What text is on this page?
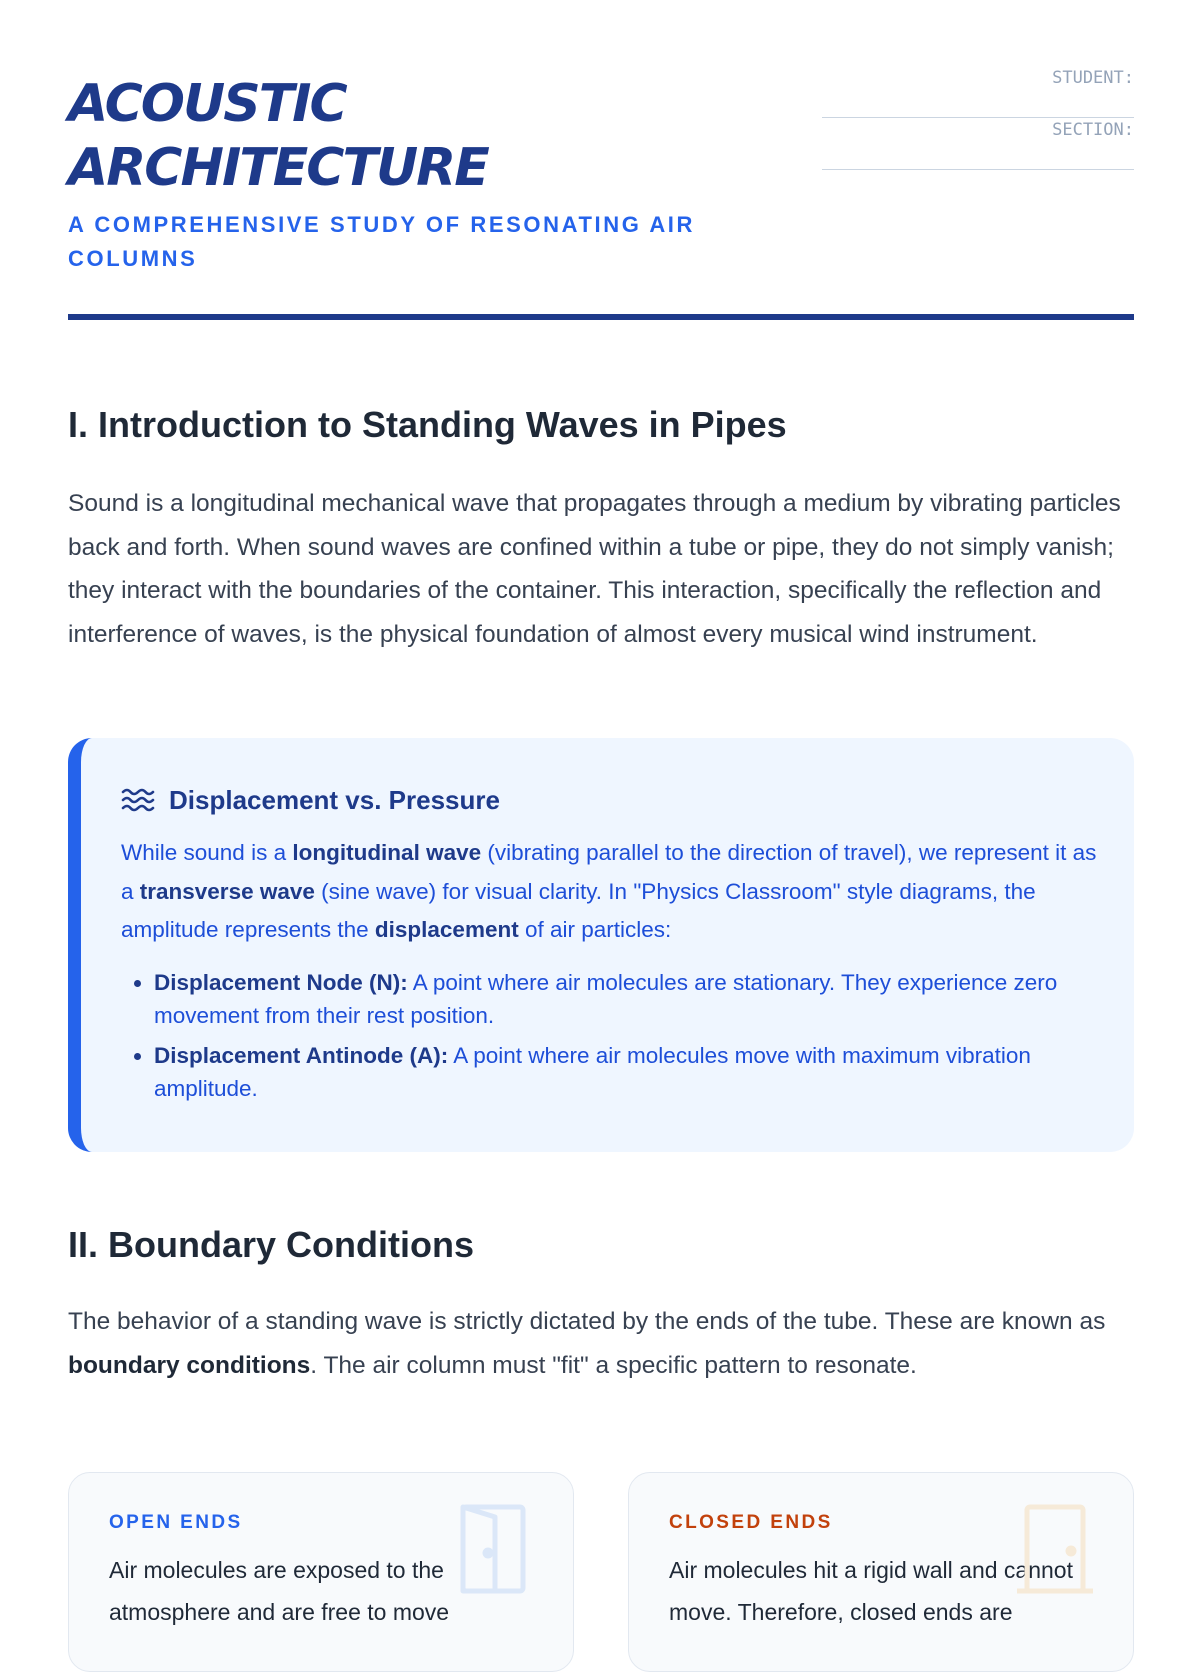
ACOUSTIC
ARCHITECTURE
A COMPREHENSIVE STUDY OF RESONATING AIR COLUMNS
STUDENT:
SECTION:
I. Introduction to Standing Waves in Pipes

Sound is a longitudinal mechanical wave that propagates through a medium by vibrating particles back and forth. When sound waves are confined within a tube or pipe, they do not simply vanish; they interact with the boundaries of the container. This interaction, specifically the reflection and interference of waves, is the physical foundation of almost every musical wind instrument.

Displacement vs. Pressure

While sound is a longitudinal wave (vibrating parallel to the direction of travel), we represent it as a transverse wave (sine wave) for visual clarity. In "Physics Classroom" style diagrams, the amplitude represents the displacement of air particles:

• Displacement Node (N): A point where air molecules are stationary. They experience zero movement from their rest position.
• Displacement Antinode (A): A point where air molecules move with maximum vibration amplitude.
II. Boundary Conditions

The behavior of a standing wave is strictly dictated by the ends of the tube. These are known as boundary conditions. The air column must "fit" a specific pattern to resonate.

OPEN ENDS
Air molecules are exposed to the atmosphere and are free to move
CLOSED ENDS
Air molecules hit a rigid wall and cannot move. Therefore, closed ends are
